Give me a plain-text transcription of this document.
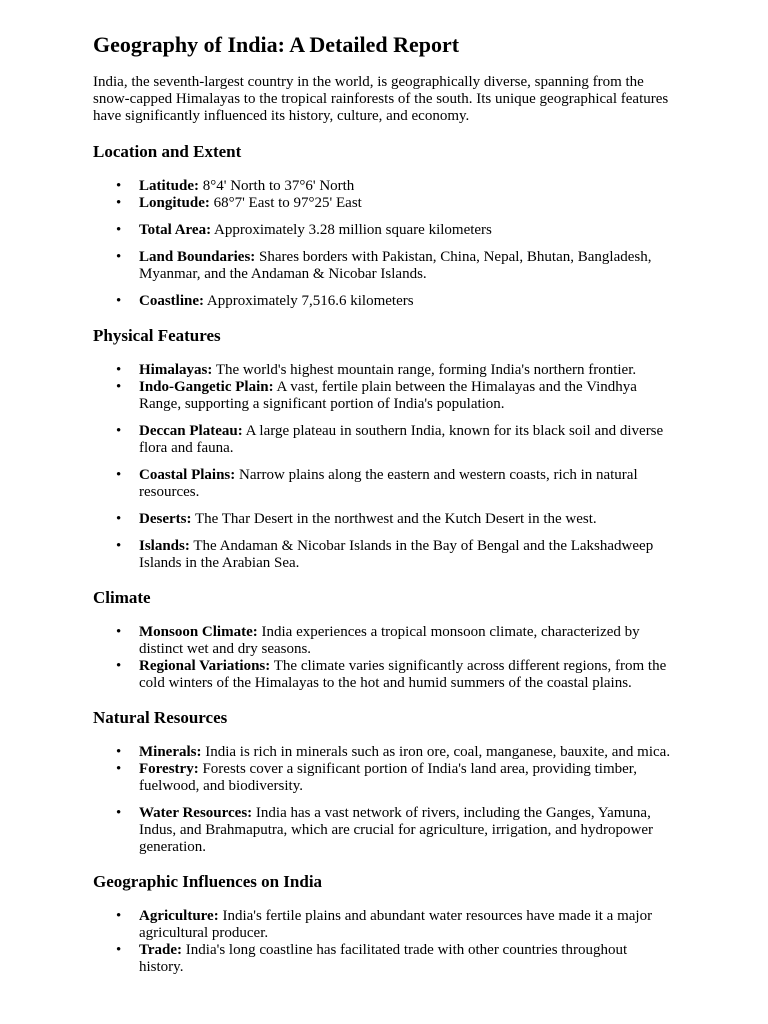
Geography of India: A Detailed Report

India, the seventh-largest country in the world, is geographically diverse, spanning from the snow-capped Himalayas to the tropical rainforests of the south. Its unique geographical features have significantly influenced its history, culture, and economy.

Location and Extent
• Latitude: 8°4' North to 37°6' North
• Longitude: 68°7' East to 97°25' East
• Total Area: Approximately 3.28 million square kilometers
• Land Boundaries: Shares borders with Pakistan, China, Nepal, Bhutan, Bangladesh, Myanmar, and the Andaman & Nicobar Islands.
• Coastline: Approximately 7,516.6 kilometers
Physical Features
• Himalayas: The world's highest mountain range, forming India's northern frontier.
• Indo-Gangetic Plain: A vast, fertile plain between the Himalayas and the Vindhya Range, supporting a significant portion of India's population.
• Deccan Plateau: A large plateau in southern India, known for its black soil and diverse flora and fauna.
• Coastal Plains: Narrow plains along the eastern and western coasts, rich in natural resources.
• Deserts: The Thar Desert in the northwest and the Kutch Desert in the west.
• Islands: The Andaman & Nicobar Islands in the Bay of Bengal and the Lakshadweep Islands in the Arabian Sea.
Climate
• Monsoon Climate: India experiences a tropical monsoon climate, characterized by distinct wet and dry seasons.
• Regional Variations: The climate varies significantly across different regions, from the cold winters of the Himalayas to the hot and humid summers of the coastal plains.
Natural Resources
• Minerals: India is rich in minerals such as iron ore, coal, manganese, bauxite, and mica.
• Forestry: Forests cover a significant portion of India's land area, providing timber, fuelwood, and biodiversity.
• Water Resources: India has a vast network of rivers, including the Ganges, Yamuna, Indus, and Brahmaputra, which are crucial for agriculture, irrigation, and hydropower generation.
Geographic Influences on India
• Agriculture: India's fertile plains and abundant water resources have made it a major agricultural producer.
• Trade: India's long coastline has facilitated trade with other countries throughout history.
